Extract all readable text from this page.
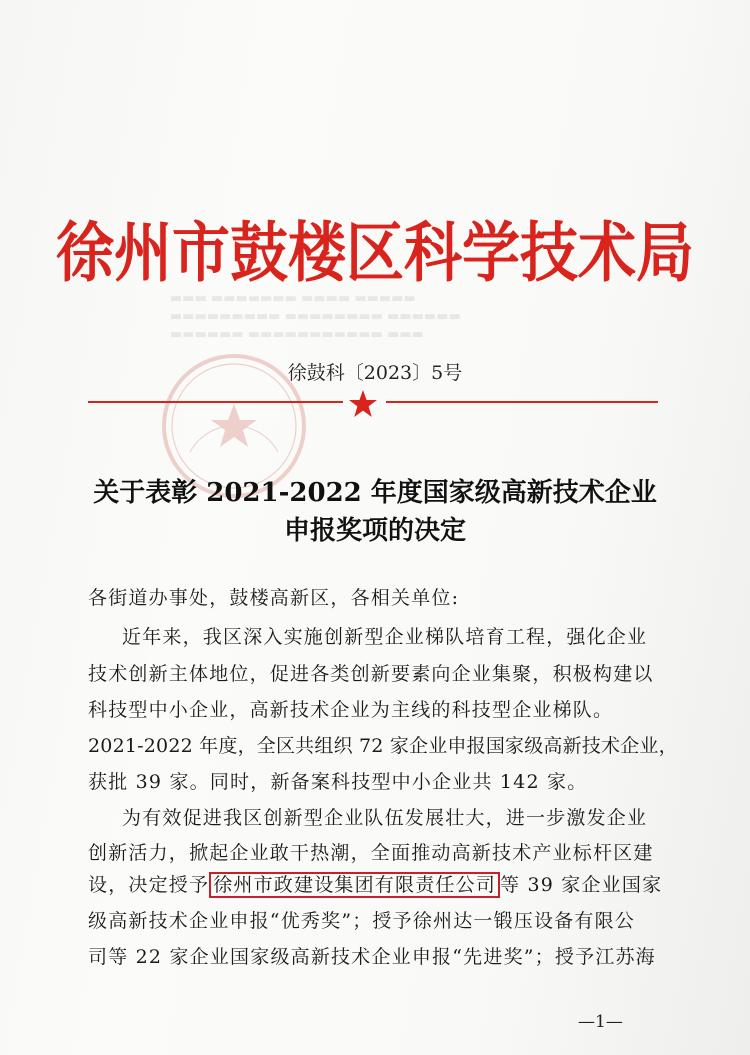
▬▬▬ ▬▬▬▬▬▬▬ ▬▬▬▬ ▬▬▬▬▬
▬▬▬▬▬▬▬▬▬ ▬▬▬▬▬▬▬▬ ▬▬▬▬▬▬
▬▬▬▬▬▬ ▬▬▬▬▬▬▬▬▬▬▬ ▬▬▬
徐州市鼓楼区科学技术局
徐鼓科〔2023〕5号
关于表彰 2021-2022 年度国家级高新技术企业
申报奖项的决定
各街道办事处，鼓楼高新区，各相关单位:
近年来，我区深入实施创新型企业梯队培育工程，强化企业
技术创新主体地位，促进各类创新要素向企业集聚，积极构建以
科技型中小企业，高新技术企业为主线的科技型企业梯队。
2021-2022 年度，全区共组织 72 家企业申报国家级高新技术企业，
获批 39 家。同时，新备案科技型中小企业共 142 家。
为有效促进我区创新型企业队伍发展壮大，进一步激发企业
创新活力，掀起企业敢干热潮，全面推动高新技术产业标杆区建
设，决定授予 徐州市政建设集团有限责任公司 等 39 家企业国家
级高新技术企业申报“优秀奖”；授予徐州达一锻压设备有限公
司等 22 家企业国家级高新技术企业申报“先进奖”；授予江苏海
—1—
